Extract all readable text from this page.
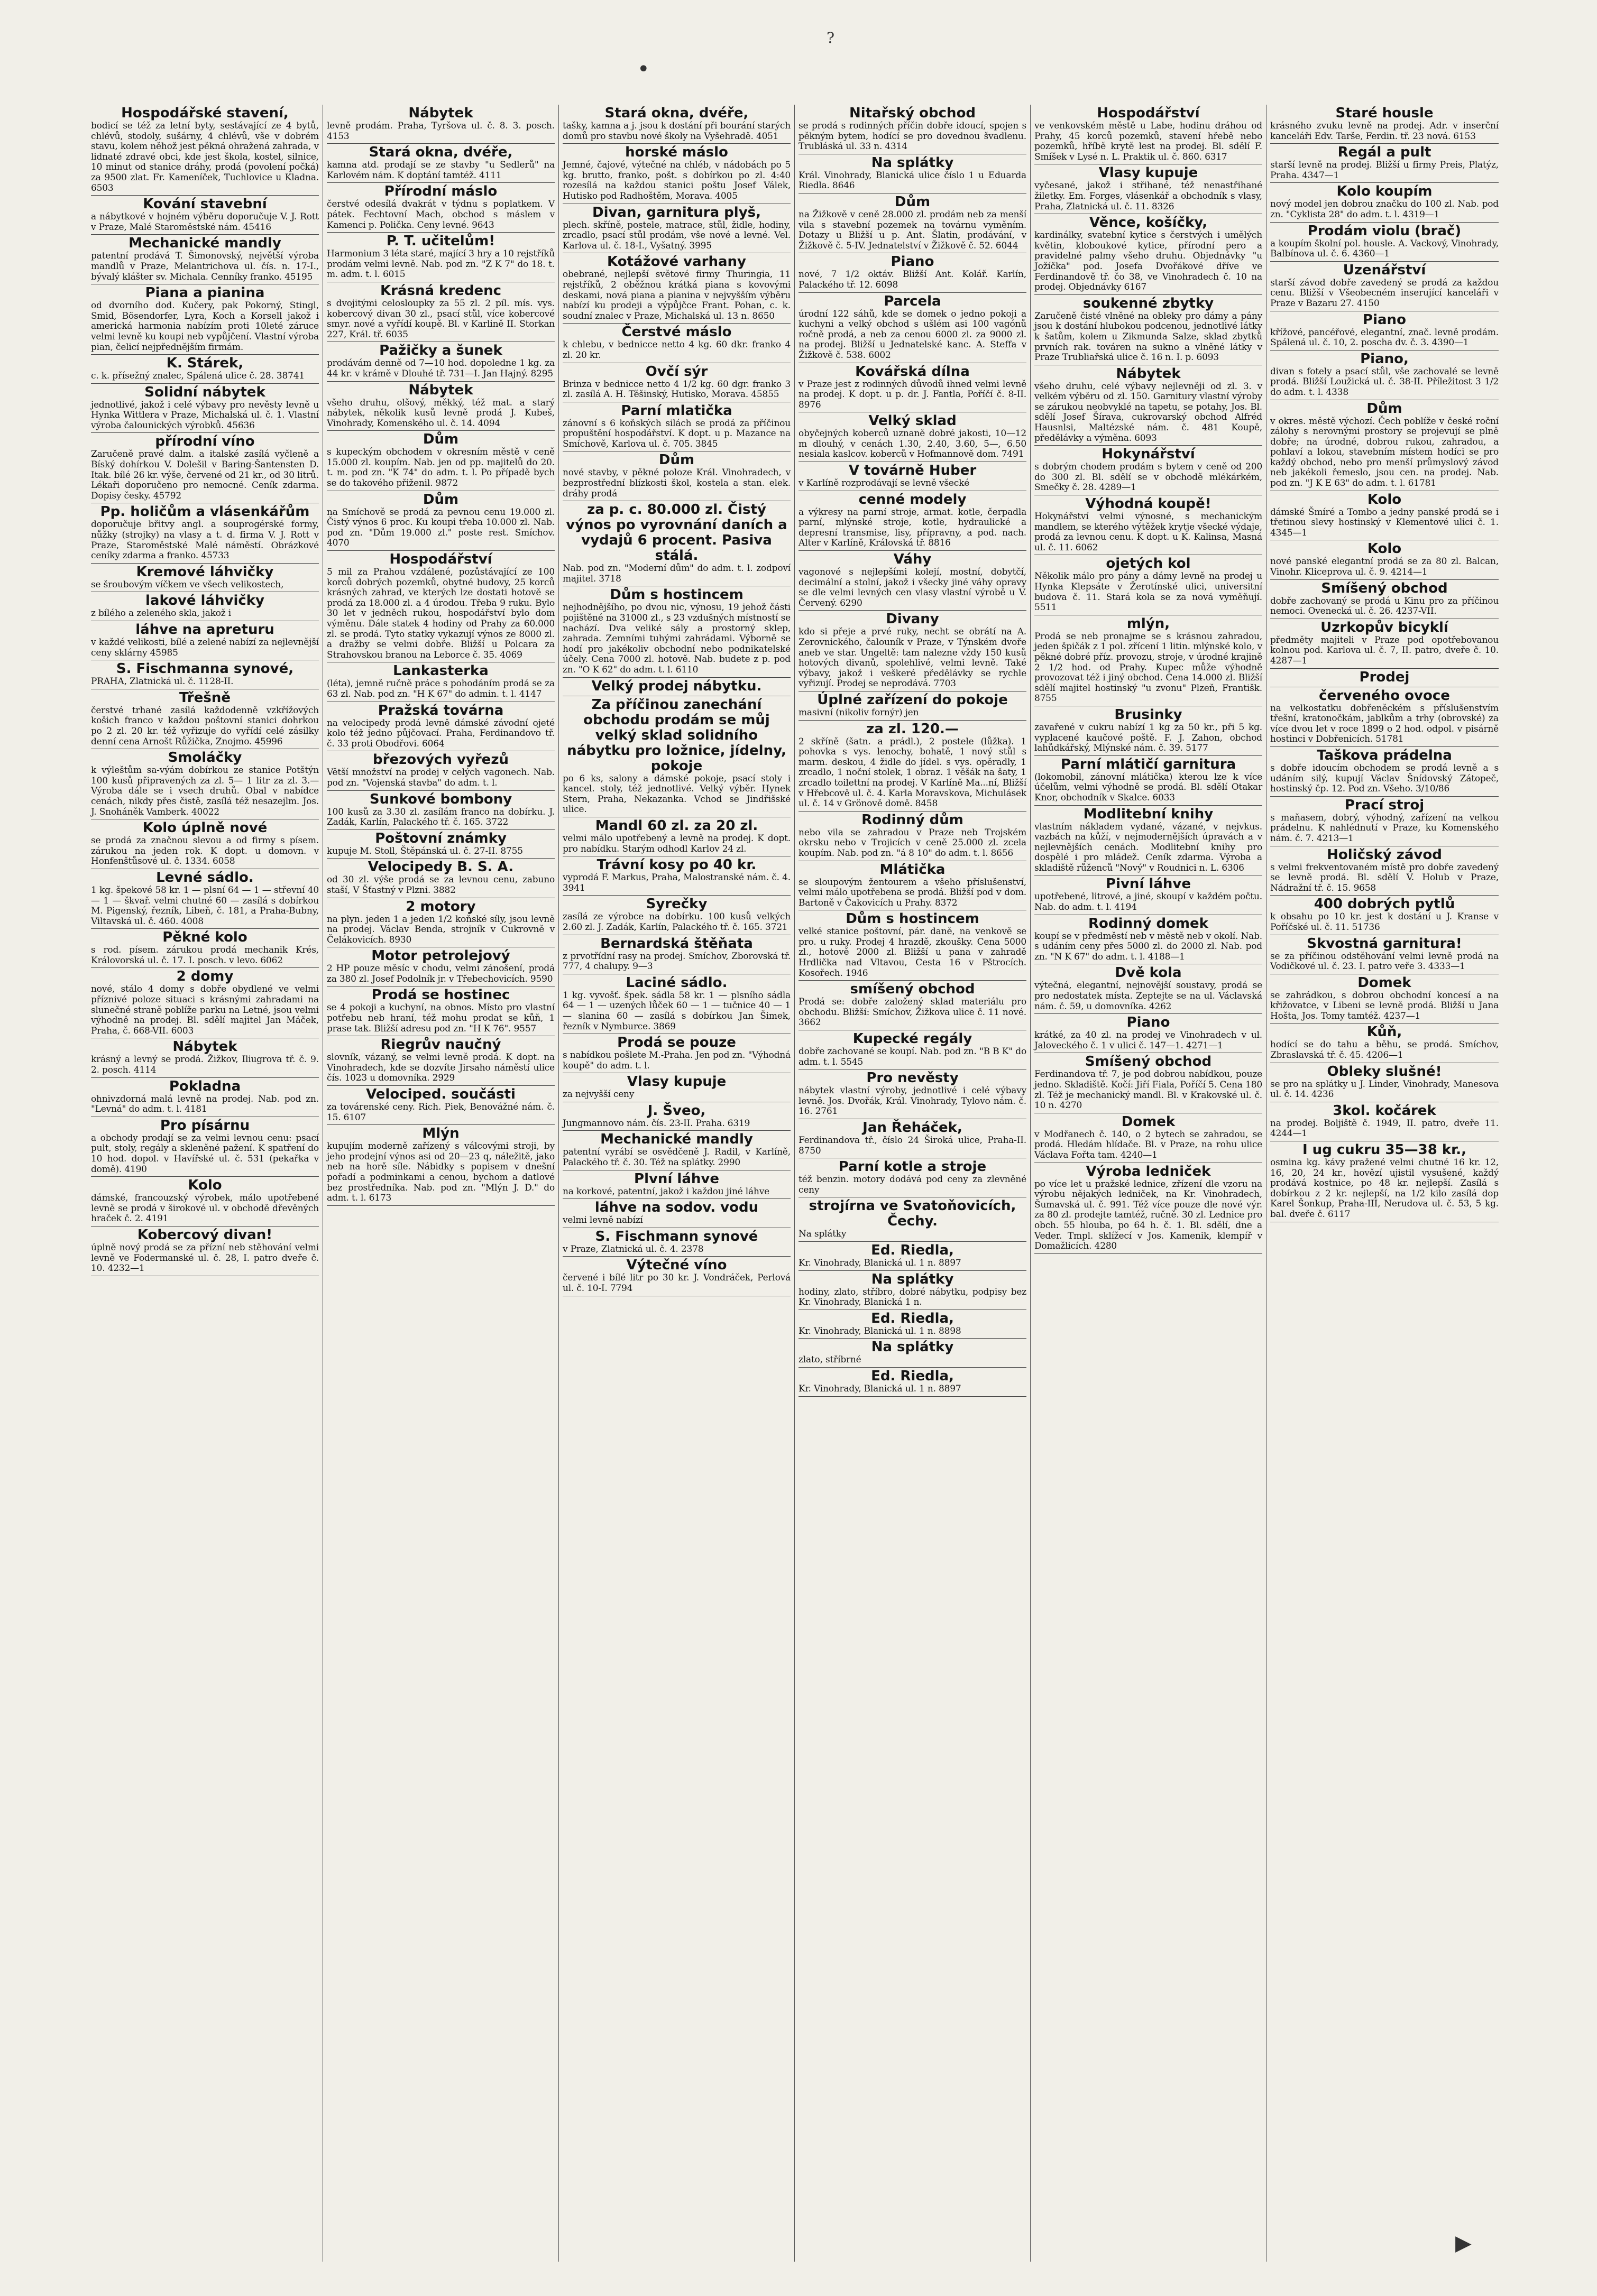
?
•
▶
Hospodářské stavení,
bodicí se též za letní byty, sestávající ze 4 bytů, chlévů, stodoly, sušárny, 4 chlévů, vše v dobrém stavu, kolem něhož jest pěkná ohražená zahrada, v lidnaté zdravé obci, kde jest škola, kostel, silnice, 10 minut od stanice dráhy, prodá (povolení počká) za 9500 zlat. Fr. Kameníček, Tuchlovice u Kladna. 6503
Kování stavební
a nábytkové v hojném výběru doporučuje V. J. Rott v Praze, Malé Staroměstské nám. 45416
Mechanické mandly
patentní prodává T. Šimonovský, největší výroba mandlů v Praze, Melantrichova ul. čís. n. 17-I., bývalý klášter sv. Michala. Cenníky franko. 45195
Piana a pianina
od dvorního dod. Kučery, pak Pokorný, Stingl, Smid, Bösendorfer, Lyra, Koch a Korsell jakož i americká harmonia nabízím proti 10leté záruce velmi levně ku koupi neb vypůjčení. Vlastní výroba pian, čelicí nejpřednějším firmám.
K. Stárek,
c. k. přísežný znalec, Spálená ulice č. 28. 38741
Solidní nábytek
jednotlivé, jakož i celé výbavy pro nevěsty levně u Hynka Wittlera v Praze, Michalská ul. č. 1. Vlastní výroba čalounických výrobků. 45636
přírodní víno
Zaručeně pravé dalm. a italské zasílá vyčleně a Bíský dohírkou V. Dolešil v Baring-Šantensten D. Itak. bílé 26 kr. výše, červené od 21 kr., od 30 litrů. Lékaři doporučeno pro nemocné. Ceník zdarma. Dopisy česky. 45792
Pp. holičům a vlásenkářům
doporučuje břitvy angl. a souprogérské formy, nůžky (strojky) na vlasy a t. d. firma V. J. Rott v Praze, Staroměstské Malé náměstí. Obrázkové ceníky zdarma a franko. 45733
Kremové láhvičky
se šroubovým víčkem ve všech velikostech,
lakové láhvičky
z bílého a zeleného skla, jakož i
láhve na apreturu
v každé velikosti, bílé a zelené nabízí za nejlevnější ceny sklárny 45985
S. Fischmanna synové,
PRAHA, Zlatnická ul. č. 1128-II.
Třešně
čerstvé trhané zasílá každodenně vzkřížových košich franco v každou poštovní stanici dohrkou po 2 zl. 20 kr. též vyřizuje do vyřídí celé zásilky denní cena Arnošt Růžička, Znojmo. 45996
Smoláčky
k výleštům sa-výám dobírkou ze stanice Potštýn 100 kusů připravených za zl. 5— 1 litr za zl. 3.— Výroba dále se i vsech druhů. Obal v nabídce cenách, nikdy přes čistě, zasílá též nesazejlm. Jos. J. Snoháněk Vamberk. 40022
Kolo úplně nové
se prodá za značnou slevou a od firmy s písem. zárukou na jeden rok. K dopt. u domovn. v Honfenštůsové ul. č. 1334. 6058
Levné sádlo.
1 kg. špekové 58 kr. 1 — plsní 64 — 1 — střevní 40 — 1 — škvař. velmi chutné 60 — zasílá s dobírkou M. Pigenský, řezník, Libeň, č. 181, a Praha-Bubny, Viltavská ul. č. 460. 4008
Pěkné kolo
s rod. písem. zárukou prodá mechanik Krés, Královorská ul. č. 17. I. posch. v levo. 6062
2 domy
nové, stálo 4 domy s dobře obydlené ve velmi příznivé poloze situaci s krásnými zahradami na slunečné straně poblíže parku na Letné, jsou velmi výhodně na prodej. Bl. sdělí majitel Jan Máček, Praha, č. 668-VII. 6003
Nábytek
krásný a levný se prodá. Žižkov, Iliugrova tř. č. 9. 2. posch. 4114
Pokladna
ohnivzdorná malá levně na prodej. Nab. pod zn. "Levná" do adm. t. l. 4181
Pro písárnu
a obchody prodají se za velmi levnou cenu: psací pult, stoly, regály a skleněné pažení. K spatření do 10 hod. dopol. v Havířské ul. č. 531 (pekařka v domě). 4190
Kolo
dámské, francouzský výrobek, málo upotřebené levně se prodá v širokové ul. v obchodě dřevěných hraček č. 2. 4191
Kobercový divan!
úplně nový prodá se za přízní neb stěhování velmi levně ve Fodermanské ul. č. 28, I. patro dveře č. 10. 4232—1
Nábytek
levně prodám. Praha, Tyršova ul. č. 8. 3. posch. 4153
Stará okna, dvéře,
kamna atd. prodají se ze stavby "u Sedlerů" na Karlovém nám. K doptání tamtéž. 4111
Přírodní máslo
čerstvé odesílá dvakrát v týdnu s poplatkem. V pátek. Fechtovní Mach, obchod s máslem v Kamenci p. Polička. Ceny levné. 9643
P. T. učitelům!
Harmonium 3 léta staré, mající 3 hry a 10 rejstříků prodám velmi levně. Nab. pod zn. "Z K 7" do 18. t. m. adm. t. l. 6015
Krásná kredenc
s dvojitými celosloupky za 55 zl. 2 píl. mís. vys. kobercový divan 30 zl., psací stůl, více kobercové smyr. nové a vyřídí koupě. Bl. v Karlině II. Storkan 227, Král. tř. 6035
Pažičky a šunek
prodávám denně od 7—10 hod. dopoledne 1 kg. za 44 kr. v krámě v Dlouhé tř. 731—I. Jan Hajný. 8295
Nábytek
všeho druhu, olšový, měkký, též mat. a starý nábytek, několik kusů levně prodá J. Kubeš, Vinohrady, Komenského ul. č. 14. 4094
Dům
s kupeckým obchodem v okresním městě v ceně 15.000 zl. koupím. Nab. jen od pp. majitelů do 20. t. m. pod zn. "K 74" do adm. t. l. Po případě bych se do takového přiženil. 9872
Dům
na Smíchově se prodá za pevnou cenu 19.000 zl. Čistý výnos 6 proc. Ku koupi třeba 10.000 zl. Nab. pod zn. "Dům 19.000 zl." poste rest. Smíchov. 4070
Hospodářství
5 mil za Prahou vzdálené, pozůstávající ze 100 korců dobrých pozemků, obytné budovy, 25 korců krásných zahrad, ve kterých lze dostati hotově se prodá za 18.000 zl. a 4 úrodou. Třeba 9 ruku. Bylo 30 let v jedněch rukou, hospodářství bylo dom výměnu. Dále statek 4 hodiny od Prahy za 60.000 zl. se prodá. Tyto statky vykazují výnos ze 8000 zl. a dražby se velmi dobře. Bližší u Polcara za Strahovskou branou na Leborce č. 35. 4069
Lankasterka
(léta), jemně ručně práce s pohodáním prodá se za 63 zl. Nab. pod zn. "H K 67" do admin. t. l. 4147
Pražská továrna
na velocipedy prodá levně dámské závodní ojeté kolo též jedno půjčovací. Praha, Ferdinandovo tř. č. 33 proti Obodřovi. 6064
březových vyřezů
Větší množství na prodej v celých vagonech. Nab. pod zn. "Vojenská stavba" do adm. t. l.
Sunkové bombony
100 kusů za 3.30 zl. zasílám franco na dobírku. J. Zadák, Karlín, Palackého tř. č. 165. 3722
Poštovní známky
kupuje M. Stoll, Štěpánská ul. č. 27-II. 8755
Velocipedy B. S. A.
od 30 zl. výše prodá se za levnou cenu, zabuno staší, V Šťastný v Plzni. 3882
2 motory
na plyn. jeden 1 a jeden 1/2 koňské síly, jsou levně na prodej. Václav Benda, strojník v Cukrovně v Čelákovicích. 8930
Motor petrolejový
2 HP pouze měsíc v chodu, velmi zánošení, prodá za 380 zl. Josef Podolník jr. v Třebechovicích. 9590
Prodá se hostinec
se 4 pokoji a kuchyní, na obnos. Místo pro vlastní potřebu neb hraní, též mohu prodat se kůň, 1 prase tak. Bližší adresu pod zn. "H K 76". 9557
Riegrův naučný
slovník, vázaný, se velmi levně prodá. K dopt. na Vinohradech, kde se dozvíte Jirsaho náměstí ulice čís. 1023 u domovníka. 2929
Velociped. součásti
za továrenské ceny. Rich. Piek, Benovážné nám. č. 15. 6107
Mlýn
kupujím moderně zařízený s válcovými stroji, by jeho prodejní výnos asi od 20—23 q, náležitě, jako neb na horě síle. Nábidky s popisem v dnešní pořadí a podminkami a cenou, bychom a datlové bez prostředníka. Nab. pod zn. "Mlýn J. D." do adm. t. l. 6173
Stará okna, dvéře,
tašky, kamna a j. jsou k dostání při bourání starých domů pro stavbu nové školy na Vyšehradě. 4051
horské máslo
Jemné, čajové, výtečné na chléb, v nádobách po 5 kg. brutto, franko, pošt. s dobírkou po zl. 4:40 rozesílá na každou stanici poštu Josef Válek, Hutisko pod Radhoštěm, Morava. 4005
Divan, garnitura plyš,
plech. skříně, postele, matrace, stůl, židle, hodiny, zrcadlo, psací stůl prodám, vše nové a levné. Vel. Karlova ul. č. 18-I., Vyšatný. 3995
Kotážové varhany
obebrané, nejlepší světové firmy Thuringia, 11 rejstříků, 2 oběžnou krátká piana s kovovými deskami, nová piana a pianina v nejvyšším výběru nabízí ku prodeji a výpůjčce Frant. Pohan, c. k. soudní znalec v Praze, Michalská ul. 13 n. 8650
Čerstvé máslo
k chlebu, v bednicce netto 4 kg. 60 dkr. franko 4 zl. 20 kr.
Ovčí sýr
Brinza v bednicce netto 4 1/2 kg. 60 dgr. franko 3 zl. zasílá A. H. Těšinský, Hutisko, Morava. 45855
Parní mlatička
zánovní s 6 koňských silách se prodá za příčinou propuštění hospodářství. K dopt. u p. Mazance na Smíchově, Karlova ul. č. 705. 3845
Dům
nové stavby, v pěkné poloze Král. Vinohradech, v bezprostřední blízkosti škol, kostela a stan. elek. dráhy prodá
za p. c. 80.000 zl. Čistý výnos po vyrovnání daních a vydajů 6 procent. Pasiva stálá.
Nab. pod zn. "Moderní dům" do adm. t. l. zodpoví majitel. 3718
Dům s hostincem
nejhodnějšího, po dvou nic, výnosu, 19 jehož části pojištěné na 31000 zl., s 23 vzdušných místností se nachází. Dva veliké sály a prostorný sklep, zahrada. Zemními tuhými zahrádami. Výborně se hodí pro jakékoliv obchodní nebo podnikatelské účely. Cena 7000 zl. hotově. Nab. budete z p. pod zn. "O K 62" do adm. t. l. 6110
Velký prodej nábytku.
Za příčinou zanechání obchodu prodám se můj velký sklad solidního nábytku pro ložnice, jídelny, pokoje
po 6 ks, salony a dámské pokoje, psací stoly i kancel. stoly, též jednotlivé. Velký výběr. Hynek Stern, Praha, Nekazanka. Vchod se Jindřišské ulice.
Mandl 60 zl. za 20 zl.
velmi málo upotřebený a levně na prodej. K dopt. pro nabídku. Starým odhodl Karlov 24 zl.
Trávní kosy po 40 kr.
vyprodá F. Markus, Praha, Malostranské nám. č. 4. 3941
Syrečky
zasílá ze výrobce na dobírku. 100 kusů velkých 2.60 zl. J. Zadák, Karlín, Palackého tř. č. 165. 3721
Bernardská štěňata
z prvotřídní rasy na prodej. Smíchov, Zborovská tř. 777, 4 chalupy. 9—3
Laciné sádlo.
1 kg. vyvošť. špek. sádla 58 kr. 1 — plsního sádla 64 — 1 — uzených lůček 60 — 1 — tučnice 40 — 1 — slanina 60 — zasílá s dobírkou Jan Šimek, řezník v Nymburce. 3869
Prodá se pouze
s nabídkou pošlete M.-Praha. Jen pod zn. "Výhodná koupě" do adm. t. l.
Vlasy kupuje
za nejvyšší ceny
J. Šveo,
Jungmannovo nám. čís. 23-II. Praha. 6319
Mechanické mandly
patentní vyrábí se osvědčeně J. Radil, v Karlíně, Palackého tř. č. 30. Též na splátky. 2990
Plvní láhve
na korkové, patentní, jakož i každou jiné láhve
láhve na sodov. vodu
velmi levně nabízí
S. Fischmann synové
v Praze, Zlatnická ul. č. 4. 2378
Výtečné víno
červené i bílé litr po 30 kr. J. Vondráček, Perlová ul. č. 10-I. 7794
Nitařský obchod
se prodá s rodinných příčin dobře idoucí, spojen s pěkným bytem, hodící se pro dovednou švadlenu. Trubláská ul. 33 n. 4314
Na splátky
Král. Vinohrady, Blanická ulice číslo 1 u Eduarda Riedla. 8646
Dům
na Žižkově v ceně 28.000 zl. prodám neb za menší vila s stavební pozemek na továrnu vyměním. Dotazy u Bližší u p. Ant. Šlatin, prodávání, v Žižkově č. 5-IV. Jednatelství v Žižkově č. 52. 6044
Piano
nové, 7 1/2 oktáv. Bližší Ant. Kolář. Karlín, Palackého tř. 12. 6098
Parcela
úrodní 122 sáhů, kde se domek o jedno pokoji a kuchyni a velký obchod s ušlém asi 100 vagónů ročně prodá, a neb za cenou 6000 zl. za 9000 zl. na prodej. Bližší u Jednatelské kanc. A. Steffa v Žižkově č. 538. 6002
Kovářská dílna
v Praze jest z rodinných důvodů ihned velmi levně na prodej. K dopt. u p. dr. J. Fantla, Poříčí č. 8-II. 8976
Velký sklad
obyčejných koberců uznaně dobré jakosti, 10—12 m dlouhý, v cenách 1.30, 2.40, 3.60, 5—, 6.50 nesiala kaslcov. koberců v Hofmannově dom. 7491
V továrně Huber
v Karlíně rozprodávají se levně všecké
cenné modely
a výkresy na parní stroje, armat. kotle, čerpadla parní, mlýnské stroje, kotle, hydraulické a depresní transmise, lisy, přípravny, a pod. nach. Alter v Karlíně, Královská tř. 8816
Váhy
vagonové s nejlepšími kolejí, mostní, dobytčí, decimální a stolní, jakož i všecky jiné váhy opravy se dle velmi levných cen vlasy vlastní výrobě u V. Červený. 6290
Divany
kdo si přeje a prvé ruky, necht se obrátí na A. Zerovnického, čalouník v Praze, v Týnském dvoře aneb ve star. Ungeltě: tam nalezne vždy 150 kusů hotových divanů, spolehlivé, velmi levně. Také výbavy, jakož i veškeré předělávky se rychle vyřizují. Prodej se neprodává. 7703
Úplné zařízení do pokoje
masivní (nikoliv fornýr) jen
za zl. 120.—
2 skříně (šatn. a prádl.), 2 postele (lůžka). 1 pohovka s vys. lenochy, bohatě, 1 nový stůl s marm. deskou, 4 židle do jídel. s vys. opěradly, 1 zrcadlo, 1 noční stolek, 1 obraz. 1 věšák na šaty, 1 zrcadlo toilettní na prodej. V Karlíně Ma...ní, Bližší v Hřebcově ul. č. 4. Karla Moravskova, Michulásek ul. č. 14 v Grönově domě. 8458
Rodinný dům
nebo vila se zahradou v Praze neb Trojském okrsku nebo v Trojicích v ceně 25.000 zl. zcela koupím. Nab. pod zn. "á 8 10" do adm. t. l. 8656
Mlátička
se sloupovým žentourem a všeho příslušenství, velmi málo upotřebena se prodá. Bližší pod v dom. Bartoně v Čakovicích u Prahy. 8372
Dům s hostincem
velké stanice poštovní, pár. daně, na venkově se pro. u ruky. Prodej 4 hrazdě, zkoušky. Cena 5000 zl., hotově 2000 zl. Bližší u pana v zahradě Hrdlička nad Vltavou, Cesta 16 v Pštrocích. Kosořech. 1946
smíšený obchod
Prodá se: dobře založený sklad materiálu pro obchodu. Bližší: Smíchov, Žižkova ulice č. 11 nové. 3662
Kupecké regály
dobře zachované se koupí. Nab. pod zn. "B B K" do adm. t. l. 5545
Pro nevěsty
nábytek vlastní výroby, jednotlivé i celé výbavy levně. Jos. Dvořák, Král. Vinohrady, Tylovo nám. č. 16. 2761
Jan Řeháček,
Ferdinandova tř., číslo 24 Široká ulice, Praha-II. 8750
Parní kotle a stroje
též benzin. motory dodává pod ceny za zlevněné ceny
strojírna ve Svatoňovicích, Čechy.
Na splátky
Ed. Riedla,
Kr. Vinohrady, Blanická ul. 1 n. 8897
Na splátky
hodiny, zlato, stříbro, dobré nábytku, podpisy bez Kr. Vinohrady, Blanická 1 n.
Ed. Riedla,
Kr. Vinohrady, Blanická ul. 1 n. 8898
Na splátky
zlato, stříbrné
Ed. Riedla,
Kr. Vinohrady, Blanická ul. 1 n. 8897
Hospodářství
ve venkovském městě u Labe, hodinu dráhou od Prahy, 45 korců pozemků, stavení hřebě nebo pozemků, hříbě krytě lest na prodej. Bl. sdělí F. Smíšek v Lysé n. L. Praktik ul. č. 860. 6317
Vlasy kupuje
vyčesané, jakož i střihané, též nenastřihané žiletky. Em. Forges, vlásenkář a obchodník s vlasy, Praha, Zlatnická ul. č. 11. 8326
Věnce, košíčky,
kardinálky, svatební kytice s čerstvých i umělých květin, kloboukové kytice, přírodní pero a pravidelné palmy všeho druhu. Objednávky "u Jožíčka" pod. Josefa Dvořákové dříve ve Ferdinandově tř. čo 38, ve Vinohradech č. 10 na prodej. Objednávky 6167
soukenné zbytky
Zaručeně čisté vlněné na obleky pro dámy a pány jsou k dostání hlubokou podcenou, jednotlivé látky k šatům, kolem u Zikmunda Salze, sklad zbytků prvních rak. továren na sukno a vlněné látky v Praze Trubliařská ulice č. 16 n. I. p. 6093
Nábytek
všeho druhu, celé výbavy nejlevněji od zl. 3. v velkém výběru od zl. 150. Garnitury vlastní výroby se zárukou neobvyklé na tapetu, se potahy, Jos. Bl. sdělí Josef Šírava, cukrovarský obchod Alfréd Hausnlsi, Maltézské nám. č. 481 Koupě, předělávky a výměna. 6093
Hokynářství
s dobrým chodem prodám s bytem v ceně od 200 do 300 zl. Bl. sdělí se v obchodě mlékárkém, Smečky č. 28. 4289—1
Výhodná koupě!
Hokynářství velmi výnosné, s mechanickým mandlem, se kterého výtěžek krytje všecké výdaje, prodá za levnou cenu. K dopt. u K. Kalinsa, Masná ul. č. 11. 6062
ojetých kol
Několik málo pro pány a dámy levně na prodej u Hynka Klepsáte v Žerotínské ulici, universitní budova č. 11. Stará kola se za nová vyměňují. 5511
mlýn,
Prodá se neb pronajme se s krásnou zahradou, jeden špičák z 1 pol. zřícení 1 litin. mlýnské kolo, v pěkné dobré příz. provozu, stroje, v úrodné krajině 2 1/2 hod. od Prahy. Kupec může výhodně provozovat též i jiný obchod. Cena 14.000 zl. Bližší sdělí majitel hostinský "u zvonu" Plzeň, Františk. 8755
Brusinky
zavařené v cukru nabízí 1 kg za 50 kr., při 5 kg. vyplacené kaučové poště. F. J. Zahon, obchod lahůdkářský, Mlýnské nám. č. 39. 5177
Parní mlátičí garnitura
(lokomobil, zánovní mlátička) kterou lze k více účelům, velmi výhodně se prodá. Bl. sdělí Otakar Knor, obchodník v Skalce. 6033
Modlitební knihy
vlastním nákladem vydané, vázané, v nejvkus. vazbách na kůží, v nejmodernějších úpravách a v nejlevnějších cenách. Modlitební knihy pro dospělé i pro mládež. Ceník zdarma. Výroba a skladiště růženců "Nový" v Roudnici n. L. 6306
Pivní láhve
upotřebené, litrové, a jiné, skoupí v každém počtu. Nab. do adm. t. l. 4194
Rodinný domek
koupí se v předměstí neb v městě neb v okolí. Nab. s udáním ceny přes 5000 zl. do 2000 zl. Nab. pod zn. "N K 67" do adm. t. l. 4188—1
Dvě kola
výtečná, elegantní, nejnovější soustavy, prodá se pro nedostatek místa. Zeptejte se na ul. Václavská nám. č. 59, u domovníka. 4262
Piano
krátké, za 40 zl. na prodej ve Vinohradech v ul. Jaloveckého č. 1 v ulici č. 147—1. 4271—1
Smíšený obchod
Ferdinandova tř. 7, je pod dobrou nabídkou, pouze jedno. Skladiště. Kočí: Jiří Fiala, Poříčí 5. Cena 180 zl. Též je mechanický mandl. Bl. v Krakovské ul. č. 10 n. 4270
Domek
v Modřanech č. 140, o 2 bytech se zahradou, se prodá. Hledám hlídače. Bl. v Praze, na rohu ulice Václava Fořta tam. 4240—1
Výroba ledniček
po více let u pražské lednice, zřízení dle vzoru na výrobu nějakých ledniček, na Kr. Vinohradech, Šumavská ul. č. 991. Též více pouze dle nové výr. za 80 zl. prodejte tamtéž, ručně. 30 zl. Lednice pro obch. 55 hlouba, po 64 h. č. 1. Bl. sdělí, dne a Veder. Tmpl. sklížecí v Jos. Kamenik, klempíř v Domažlicích. 4280
Staré housle
krásného zvuku levně na prodej. Adr. v inserční kanceláři Edv. Tarše, Ferdin. tř. 23 nová. 6153
Regál a pult
starší levně na prodej. Bližší u firmy Preis, Platýz, Praha. 4347—1
Kolo koupím
nový model jen dobrou značku do 100 zl. Nab. pod zn. "Cyklista 28" do adm. t. l. 4319—1
Prodám violu (brač)
a koupím školní pol. housle. A. Vackový, Vinohrady, Balbínova ul. č. 6. 4360—1
Uzenářství
starší závod dobře zavedený se prodá za každou cenu. Bližší v Všeobecném inserující kanceláři v Praze v Bazaru 27. 4150
Piano
křížové, pancéřové, elegantní, znač. levně prodám. Spálená ul. č. 10, 2. poscha dv. č. 3. 4390—1
Piano,
divan s fotely a psací stůl, vše zachovalé se levně prodá. Bližší Loužická ul. č. 38-II. Příležitost 3 1/2 do adm. t. l. 4338
Dům
v okres. městě výchozí. Čech poblíže v české roční zálohy s nerovnými prostory se projevují se plně dobře; na úrodné, dobrou rukou, zahradou, a pohlaví a lokou, stavebním místem hodíci se pro každý obchod, nebo pro menší průmyslový závod neb jakékoli řemeslo, jsou cen. na prodej. Nab. pod zn. "J K E 63" do adm. t. l. 61781
Kolo
dámské Šmíré a Tombo a jedny panské prodá se i třetinou slevy hostinský v Klementové ulici č. 1. 4345—1
Kolo
nové panské elegantní prodá se za 80 zl. Balcan, Vinohr. Kliceprova ul. č. 9. 4214—1
Smíšený obchod
dobře zachovaný se prodá u Kinu pro za příčinou nemoci. Ovenecká ul. č. 26. 4237-VII.
Uzrkopův bicyklí
předměty majiteli v Praze pod opotřebovanou kolnou pod. Karlova ul. č. 7, II. patro, dveře č. 10. 4287—1
Prodej
červeného ovoce
na velkostatku dobřeněckém s příslušenstvím třešní, kratonočkám, jablkům a trhy (obrovské) za více dvou let v roce 1899 o 2 hod. odpol. v pisárně hostinci v Dobřenicích. 51781
Taškova prádelna
s dobře idoucím obchodem se prodá levně a s udáním silý, kupují Václav Šnídovský Zátopeč, hostinský čp. 12. Pod zn. Všeho. 3/10/86
Prací stroj
s maňasem, dobrý, výhodný, zařízení na velkou prádelnu. K nahlédnutí v Praze, ku Komenského nám. č. 7. 4213—1
Holičský závod
s velmi frekventovaném místě pro dobře zavedený se levně prodá. Bl. sdělí V. Holub v Praze, Nádražní tř. č. 15. 9658
400 dobrých pytlů
k obsahu po 10 kr. jest k dostání u J. Kranse v Poříčské ul. č. 11. 51736
Skvostná garnitura!
se za příčinou odstěhování velmi levně prodá na Vodičkové ul. č. 23. I. patro veře 3. 4333—1
Domek
se zahrádkou, s dobrou obchodní koncesí a na křižovatce, v Libeni se levně prodá. Bližší u Jana Hošta, Jos. Tomy tamtéž. 4237—1
Kůň,
hodící se do tahu a běhu, se prodá. Smíchov, Zbraslavská tř. č. 45. 4206—1
Obleky slušné!
se pro na splátky u J. Linder, Vinohrady, Manesova ul. č. 14. 4236
3kol. kočárek
na prodej. Boljiště č. 1949, II. patro, dveře 11. 4244—1
I ug cukru 35—38 kr.,
osmina kg. kávy pražené velmi chutné 16 kr. 12, 16, 20, 24 kr., hovězí ujistil vysušené, každý prodává kostnice, po 48 kr. nejlepší. Zasílá s dobírkou z 2 kr. nejlepší, na 1/2 kilo zasílá dop Karel Šonkup, Praha-III, Nerudova ul. č. 53, 5 kg. bal. dveře č. 6117
